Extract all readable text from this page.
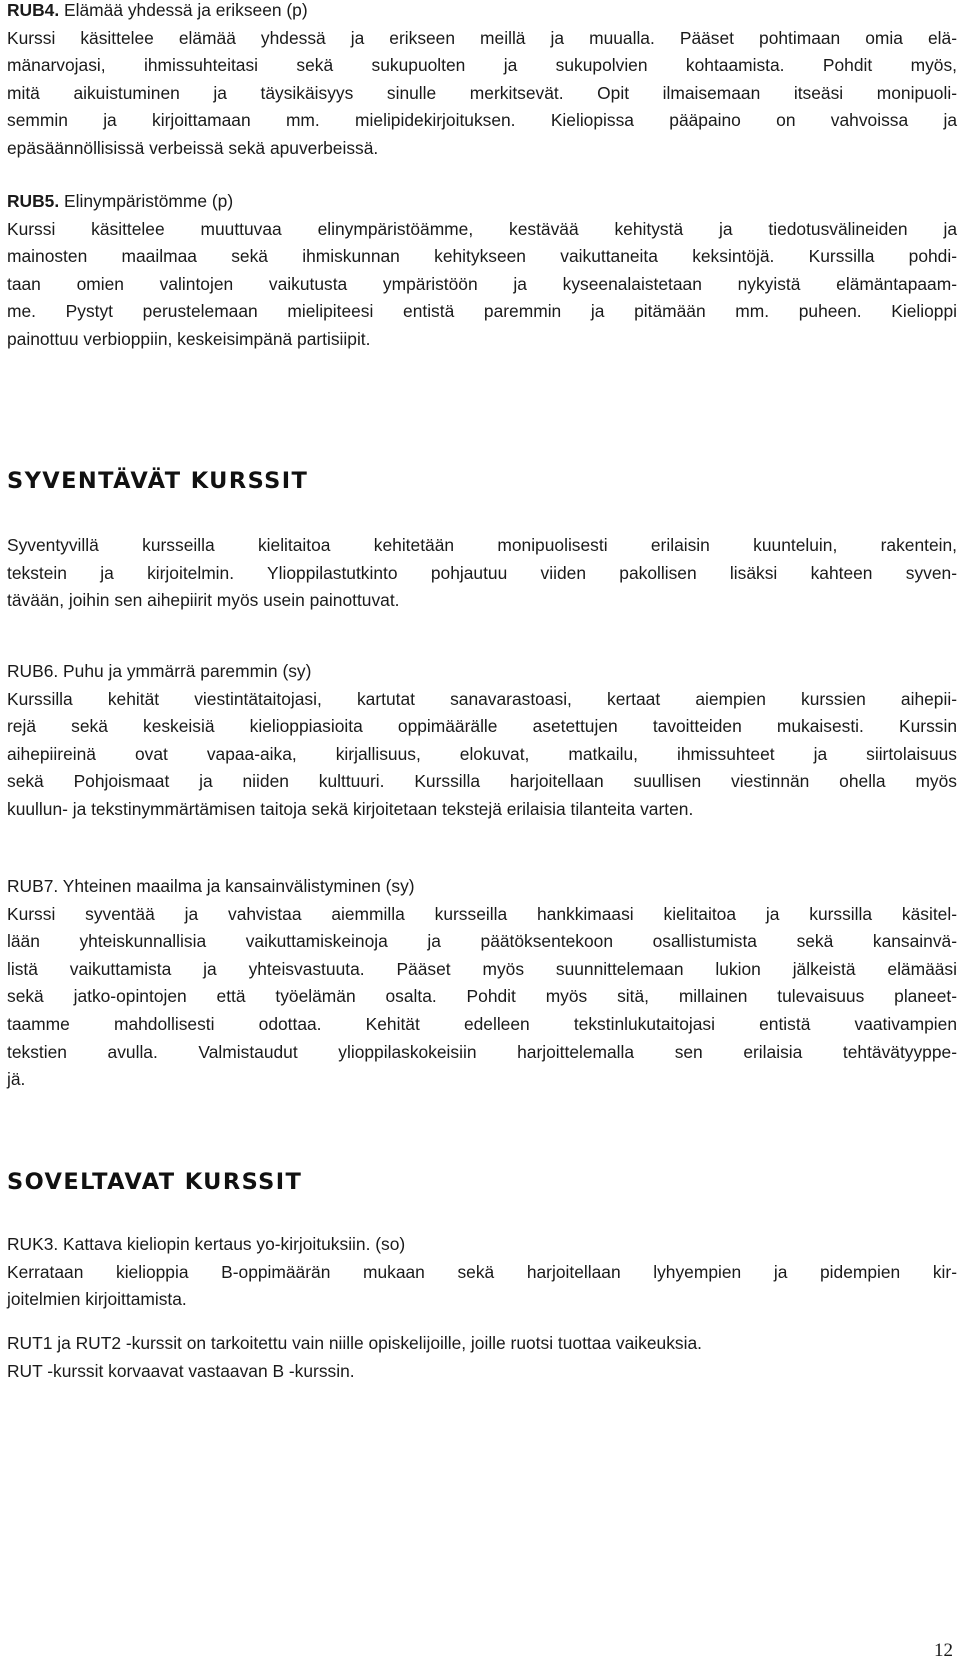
RUB4. Elämää yhdessä ja erikseen (p)

Kurssi käsittelee elämää yhdessä ja erikseen meillä ja muualla. Pääset pohtimaan omia elä-

mänarvojasi, ihmissuhteitasi sekä sukupuolten ja sukupolvien kohtaamista. Pohdit myös,

mitä aikuistuminen ja täysikäisyys sinulle merkitsevät. Opit ilmaisemaan itseäsi monipuoli-

semmin ja kirjoittamaan mm. mielipidekirjoituksen. Kieliopissa pääpaino on vahvoissa ja

epäsäännöllisissä verbeissä sekä apuverbeissä.

RUB5. Elinympäristömme (p)

Kurssi käsittelee muuttuvaa elinympäristöämme, kestävää kehitystä ja tiedotusvälineiden ja

mainosten maailmaa sekä ihmiskunnan kehitykseen vaikuttaneita keksintöjä. Kurssilla pohdi-

taan omien valintojen vaikutusta ympäristöön ja kyseenalaistetaan nykyistä elämäntapaam-

me. Pystyt perustelemaan mielipiteesi entistä paremmin ja pitämään mm. puheen. Kielioppi

painottuu verbioppiin, keskeisimpänä partisiipit.

SYVENTÄVÄT KURSSIT

Syventyvillä kursseilla kielitaitoa kehitetään monipuolisesti erilaisin kuunteluin, rakentein,

tekstein ja kirjoitelmin. Ylioppilastutkinto pohjautuu viiden pakollisen lisäksi kahteen syven-

tävään, joihin sen aihepiirit myös usein painottuvat.

RUB6. Puhu ja ymmärrä paremmin (sy)

Kurssilla kehität viestintätaitojasi, kartutat sanavarastoasi, kertaat aiempien kurssien aihepii-

rejä sekä keskeisiä kielioppiasioita oppimäärälle asetettujen tavoitteiden mukaisesti. Kurssin

aihepiireinä ovat vapaa-aika, kirjallisuus, elokuvat, matkailu, ihmissuhteet ja siirtolaisuus

sekä Pohjoismaat ja niiden kulttuuri. Kurssilla harjoitellaan suullisen viestinnän ohella myös

kuullun- ja tekstinymmärtämisen taitoja sekä kirjoitetaan tekstejä erilaisia tilanteita varten.

RUB7. Yhteinen maailma ja kansainvälistyminen (sy)

Kurssi syventää ja vahvistaa aiemmilla kursseilla hankkimaasi kielitaitoa ja kurssilla käsitel-

lään yhteiskunnallisia vaikuttamiskeinoja ja päätöksentekoon osallistumista sekä kansainvä-

listä vaikuttamista ja yhteisvastuuta. Pääset myös suunnittelemaan lukion jälkeistä elämääsi

sekä jatko-opintojen että työelämän osalta. Pohdit myös sitä, millainen tulevaisuus planeet-

taamme mahdollisesti odottaa. Kehität edelleen tekstinlukutaitojasi entistä vaativampien

tekstien avulla. Valmistaudut ylioppilaskokeisiin harjoittelemalla sen erilaisia tehtävätyyppe-

jä.

SOVELTAVAT KURSSIT

RUK3. Kattava kieliopin kertaus yo-kirjoituksiin. (so)

Kerrataan kielioppia B-oppimäärän mukaan sekä harjoitellaan lyhyempien ja pidempien kir-

joitelmien kirjoittamista.

RUT1 ja RUT2 -kurssit on tarkoitettu vain niille opiskelijoille, joille ruotsi tuottaa vaikeuksia.

RUT -kurssit korvaavat vastaavan B -kurssin.

12
